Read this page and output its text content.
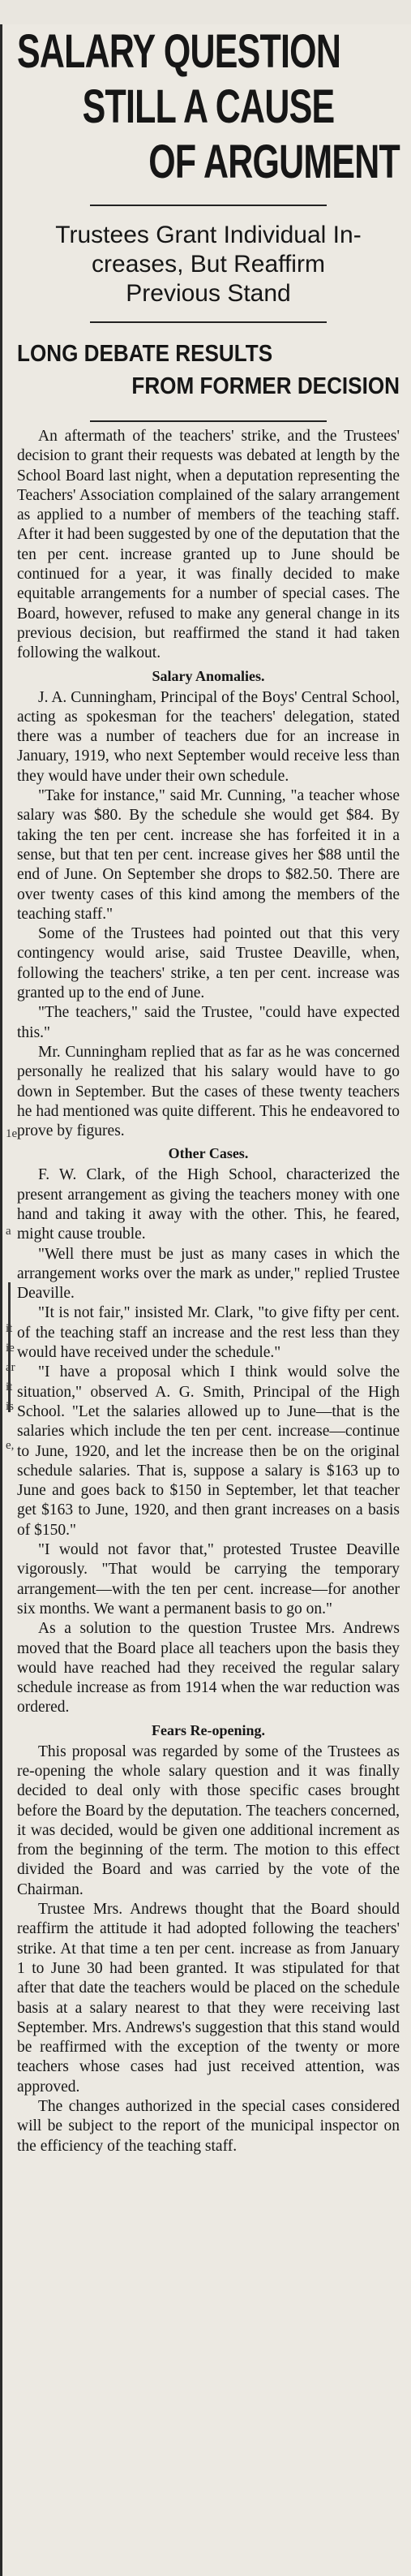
1e
a
it
ie
ar
it
is
e,
SALARY QUESTION
STILL A CAUSE
OF ARGUMENT
Trustees Grant Individual In-
creases, But Reaffirm
Previous Stand
LONG DEBATE RESULTS
FROM FORMER DECISION

An aftermath of the teachers' strike, and the Trustees' decision to grant their requests was debated at length by the School Board last night, when a deputation representing the Teachers' Association complained of the salary arrangement as applied to a number of members of the teaching staff. After it had been suggested by one of the deputation that the ten per cent. increase granted up to June should be continued for a year, it was finally decided to make equitable arrangements for a number of special cases. The Board, however, refused to make any general change in its previous decision, but reaffirmed the stand it had taken following the walkout.

Salary Anomalies.

J. A. Cunningham, Principal of the Boys' Central School, acting as spokesman for the teachers' delegation, stated there was a number of teachers due for an increase in January, 1919, who next September would receive less than they would have under their own schedule.

"Take for instance," said Mr. Cunning, "a teacher whose salary was $80. By the schedule she would get $84. By taking the ten per cent. increase she has forfeited it in a sense, but that ten per cent. increase gives her $88 until the end of June. On September she drops to $82.50. There are over twenty cases of this kind among the members of the teaching staff."

Some of the Trustees had pointed out that this very contingency would arise, said Trustee Deaville, when, following the teachers' strike, a ten per cent. increase was granted up to the end of June.

"The teachers," said the Trustee, "could have expected this."

Mr. Cunningham replied that as far as he was concerned personally he realized that his salary would have to go down in September. But the cases of these twenty teachers he had mentioned was quite different. This he endeavored to prove by figures.

Other Cases.

F. W. Clark, of the High School, characterized the present arrangement as giving the teachers money with one hand and taking it away with the other. This, he feared, might cause trouble.

"Well there must be just as many cases in which the arrangement works over the mark as under," replied Trustee Deaville.

"It is not fair," insisted Mr. Clark, "to give fifty per cent. of the teaching staff an increase and the rest less than they would have received under the schedule."

"I have a proposal which I think would solve the situation," observed A. G. Smith, Principal of the High School. "Let the salaries allowed up to June—that is the salaries which include the ten per cent. increase—continue to June, 1920, and let the increase then be on the original schedule salaries. That is, suppose a salary is $163 up to June and goes back to $150 in September, let that teacher get $163 to June, 1920, and then grant increases on a basis of $150."

"I would not favor that," protested Trustee Deaville vigorously. "That would be carrying the temporary arrangement—with the ten per cent. increase—for another six months. We want a permanent basis to go on."

As a solution to the question Trustee Mrs. Andrews moved that the Board place all teachers upon the basis they would have reached had they received the regular salary schedule increase as from 1914 when the war reduction was ordered.

Fears Re-opening.

This proposal was regarded by some of the Trustees as re-opening the whole salary question and it was finally decided to deal only with those specific cases brought before the Board by the deputation. The teachers concerned, it was decided, would be given one additional increment as from the beginning of the term. The motion to this effect divided the Board and was carried by the vote of the Chairman.

Trustee Mrs. Andrews thought that the Board should reaffirm the attitude it had adopted following the teachers' strike. At that time a ten per cent. increase as from January 1 to June 30 had been granted. It was stipulated for that after that date the teachers would be placed on the schedule basis at a salary nearest to that they were receiving last September. Mrs. Andrews's suggestion that this stand would be reaffirmed with the exception of the twenty or more teachers whose cases had just received attention, was approved.

The changes authorized in the special cases considered will be subject to the report of the municipal inspector on the efficiency of the teaching staff.
